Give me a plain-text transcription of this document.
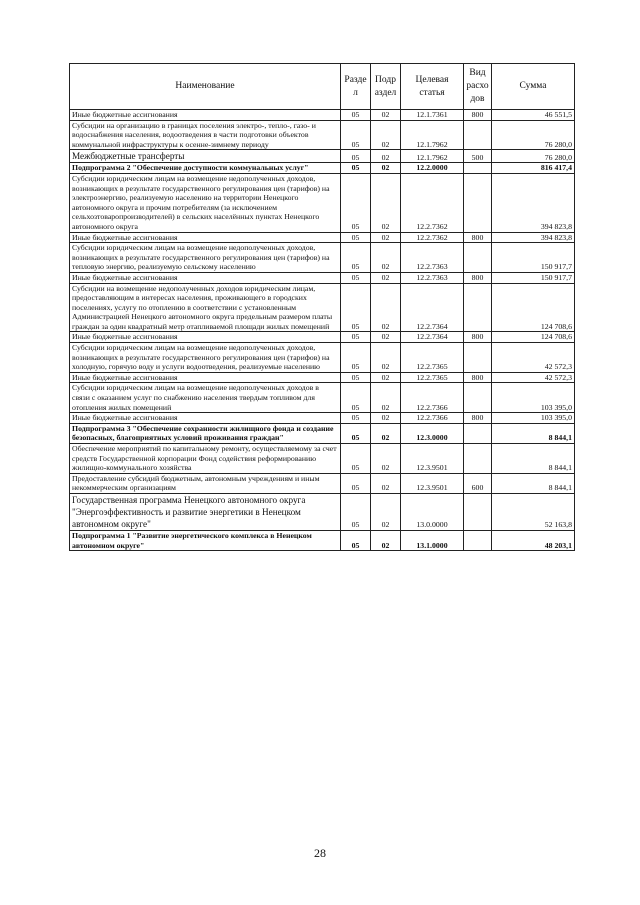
Наименование	Разде л	Подр аздел	Целевая статья	Вид расхо дов	Сумма
Иные бюджетные ассигнования	05	02	12.1.7361	800	46 551,5
Субсидии на организацию в границах поселения электро-, тепло-, газо- и водоснабжения населения, водоотведения в части подготовки объектов коммунальной инфраструктуры к осенне-зимнему периоду	05	02	12.1.7962		76 280,0
Межбюджетные трансферты	05	02	12.1.7962	500	76 280,0
Подпрограмма 2 "Обеспечение доступности коммунальных услуг"	05	02	12.2.0000		816 417,4
Субсидии юридическим лицам на возмещение недополученных доходов, возникающих в результате государственного регулирования цен (тарифов) на электроэнергию, реализуемую населению на территории Ненецкого автономного округа и прочим потребителям (за исключением сельхозтоваропроизводителей) в сельских населённых пунктах Ненецкого автономного округа	05	02	12.2.7362		394 823,8
Иные бюджетные ассигнования	05	02	12.2.7362	800	394 823,8
Субсидии юридическим лицам на возмещение недополученных доходов, возникающих в результате государственного регулирования цен (тарифов) на тепловую энергию, реализуемую сельскому населению	05	02	12.2.7363		150 917,7
Иные бюджетные ассигнования	05	02	12.2.7363	800	150 917,7
Субсидии на возмещение недополученных доходов юридическим лицам, предоставляющим в интересах населения, проживающего в городских поселениях, услугу по отоплению в соответствии с установленным Администрацией Ненецкого автономного округа предельным размером платы граждан за один квадратный метр отапливаемой площади жилых помещений	05	02	12.2.7364		124 708,6
Иные бюджетные ассигнования	05	02	12.2.7364	800	124 708,6
Субсидии юридическим лицам на возмещение недополученных доходов, возникающих в результате государственного регулирования цен (тарифов) на холодную, горячую воду и услуги водоотведения, реализуемые населению	05	02	12.2.7365		42 572,3
Иные бюджетные ассигнования	05	02	12.2.7365	800	42 572,3
Субсидии юридическим лицам на возмещение недополученных доходов в связи с оказанием услуг по снабжению населения твердым топливом для отопления жилых помещений	05	02	12.2.7366		103 395,0
Иные бюджетные ассигнования	05	02	12.2.7366	800	103 395,0
Подпрограмма 3 "Обеспечение сохранности жилищного фонда и создание безопасных, благоприятных условий проживания граждан"	05	02	12.3.0000		8 844,1
Обеспечение мероприятий по капитальному ремонту, осуществляемому за счет средств Государственной корпорации Фонд содействия реформированию жилищно-коммунального хозяйства	05	02	12.3.9501		8 844,1
Предоставление субсидий бюджетным, автономным учреждениям и иным некоммерческим организациям	05	02	12.3.9501	600	8 844,1
Государственная программа Ненецкого автономного округа "Энергоэффективность и развитие энергетики в Ненецком автономном округе"	05	02	13.0.0000		52 163,8
Подпрограмма 1 "Развитие энергетического комплекса в Ненецком автономном округе"	05	02	13.1.0000		48 203,1
28
